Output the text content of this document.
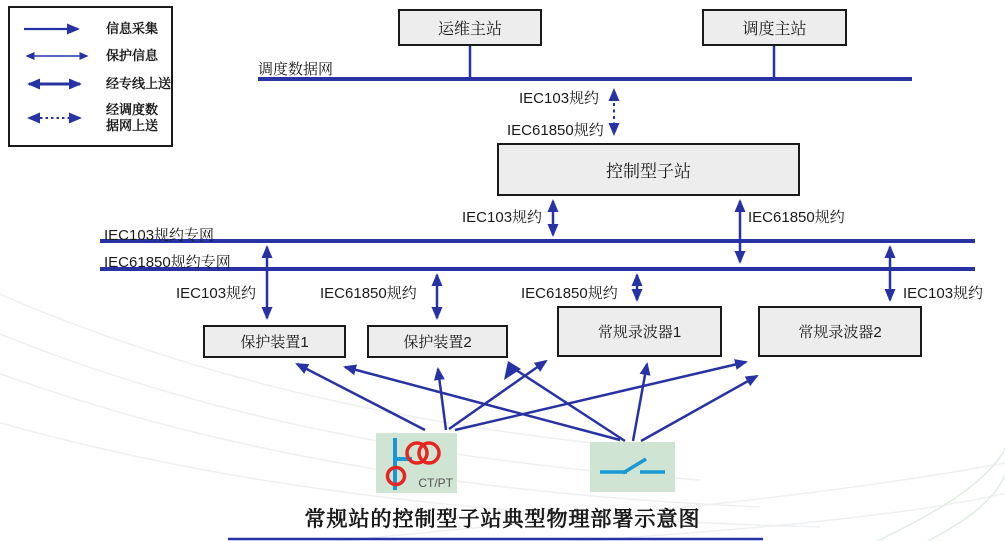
信息采集
保护信息
经专线上送
经调度数据网上送
运维主站	调度主站
控制型子站
保护装置1	保护装置2
常规录波器1	常规录波器2
调度数据网
IEC103规约专网
IEC61850规约专网
IEC103规约
IEC61850规约
IEC103规约	IEC61850规约
IEC103规约	IEC61850规约	IEC61850规约	IEC103规约
CT/PT
常规站的控制型子站典型物理部署示意图
